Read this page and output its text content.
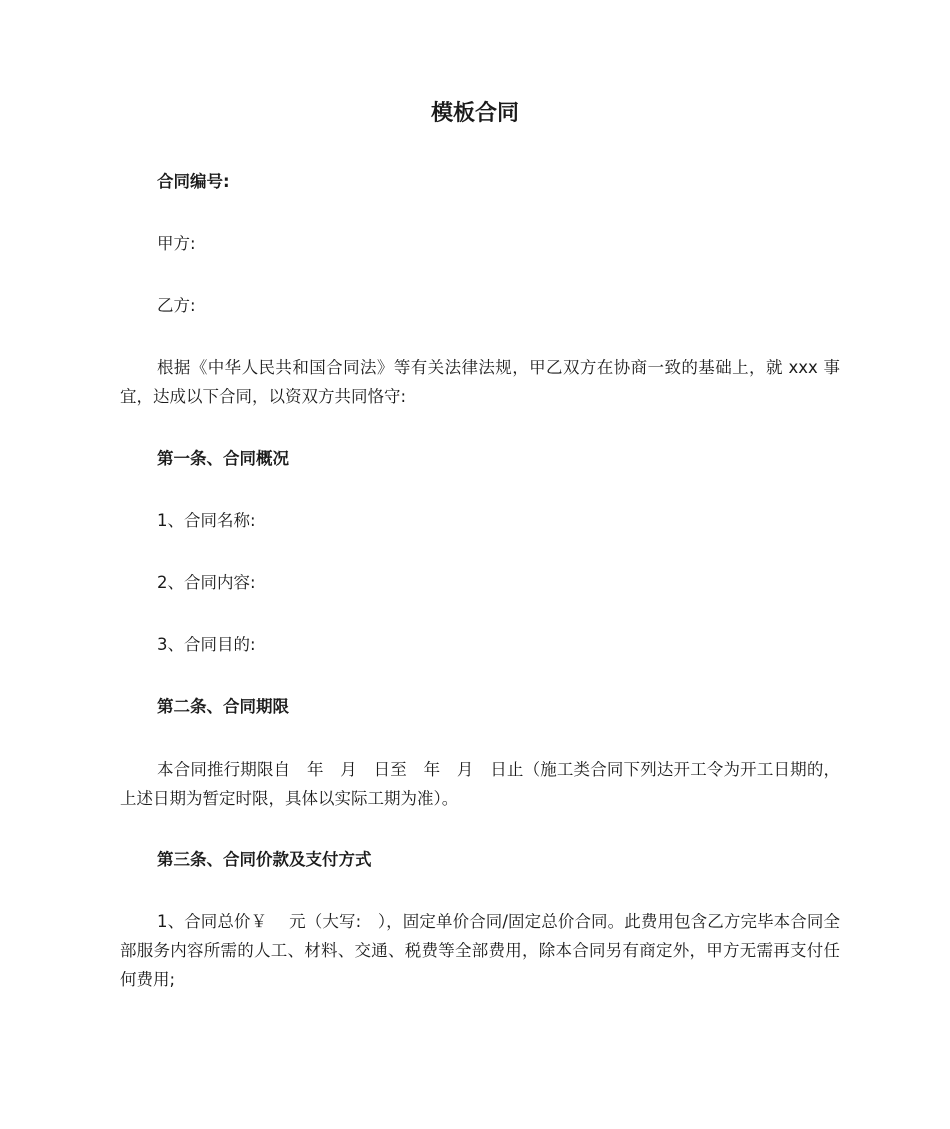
模板合同
合同编号:
甲方:
乙方:

根据《中华人民共和国合同法》等有关法律法规，甲乙双方在协商一致的基础上，就 xxx 事宜，达成以下合同，以资双方共同恪守:

第一条、合同概况
1、合同名称:
2、合同内容:
3、合同目的:
第二条、合同期限

本合同推行期限自　年　月　日至　年　月　日止（施工类合同下列达开工令为开工日期的，上述日期为暂定时限，具体以实际工期为准）。

第三条、合同价款及支付方式

1、合同总价￥　 元（大写:　），固定单价合同/固定总价合同。此费用包含乙方完毕本合同全部服务内容所需的人工、材料、交通、税费等全部费用，除本合同另有商定外，甲方无需再支付任何费用;
